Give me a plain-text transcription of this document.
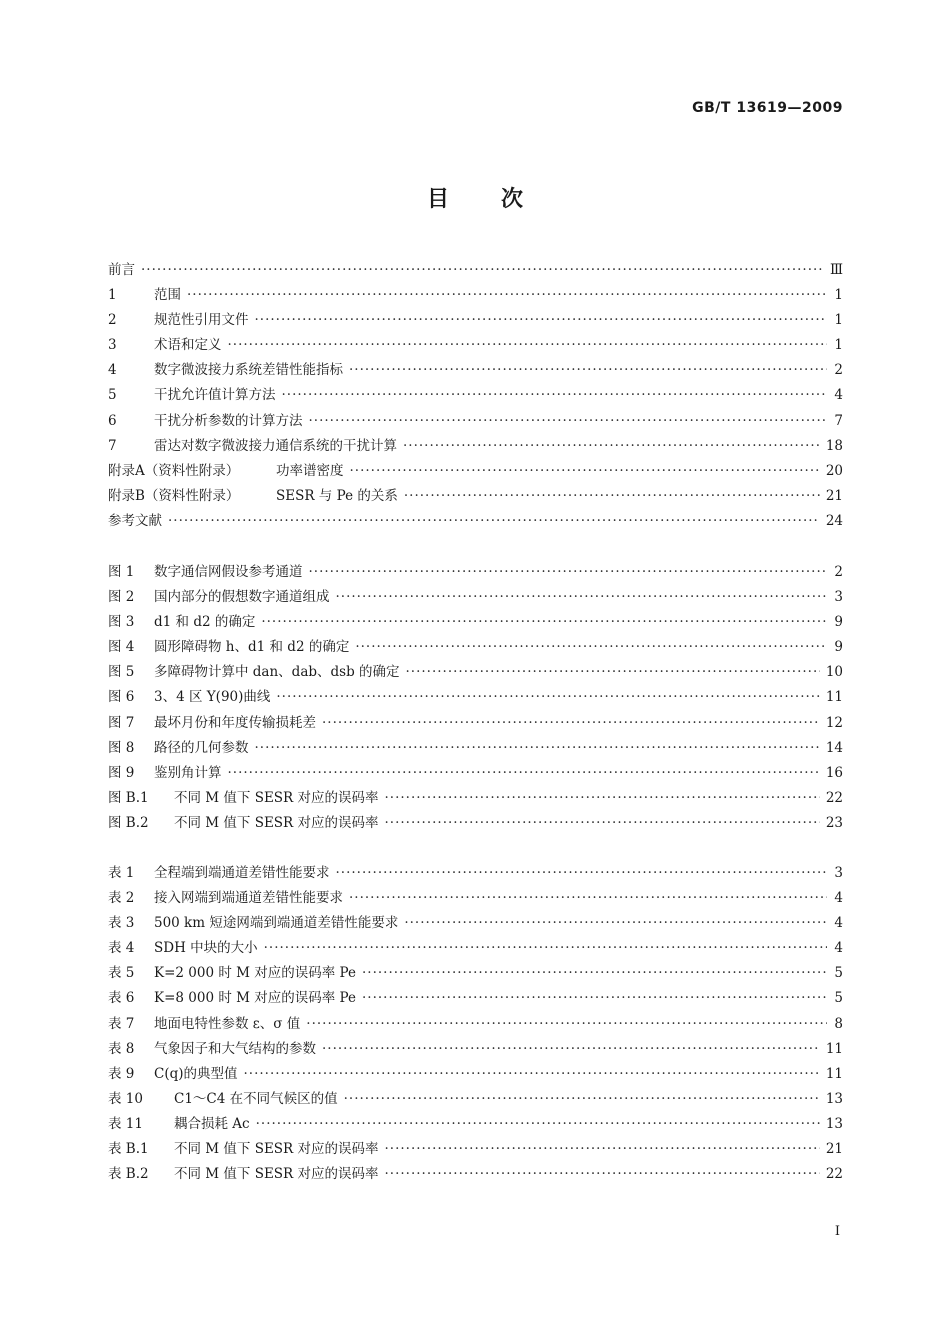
GB/T 13619—2009
目 次
前言 ·····	Ⅲ
1	范围 ·····	1
2	规范性引用文件 ·····	1
3	术语和定义 ·····	1
4	数字微波接力系统差错性能指标 ·····	2
5	干扰允许值计算方法 ·····	4
6	干扰分析参数的计算方法 ·····	7
7	雷达对数字微波接力通信系统的干扰计算 ·····	18
附录A（资料性附录）	功率谱密度 ·····	20
附录B（资料性附录）	SESR 与 Pe 的关系 ·····	21
参考文献 ·····	24
图 1	数字通信网假设参考通道 ·····	2
图 2	国内部分的假想数字通道组成 ·····	3
图 3	d1 和 d2 的确定 ·····	9
图 4	圆形障碍物 h、d1 和 d2 的确定 ·····	9
图 5	多障碍物计算中 dan、dab、dsb 的确定 ·····	10
图 6	3、4 区 Y(90)曲线 ·····	11
图 7	最坏月份和年度传输损耗差 ·····	12
图 8	路径的几何参数 ·····	14
图 9	鉴别角计算 ·····	16
图 B.1	不同 M 值下 SESR 对应的误码率 ·····	22
图 B.2	不同 M 值下 SESR 对应的误码率 ·····	23
表 1	全程端到端通道差错性能要求 ·····	3
表 2	接入网端到端通道差错性能要求 ·····	4
表 3	500 km 短途网端到端通道差错性能要求 ·····	4
表 4	SDH 中块的大小 ·····	4
表 5	K=2 000 时 M 对应的误码率 Pe ·····	5
表 6	K=8 000 时 M 对应的误码率 Pe ·····	5
表 7	地面电特性参数 ε、σ 值 ·····	8
表 8	气象因子和大气结构的参数 ·····	11
表 9	C(q)的典型值 ·····	11
表 10	C1～C4 在不同气候区的值 ·····	13
表 11	耦合损耗 Ac ·····	13
表 B.1	不同 M 值下 SESR 对应的误码率 ·····	21
表 B.2	不同 M 值下 SESR 对应的误码率 ·····	22
I
